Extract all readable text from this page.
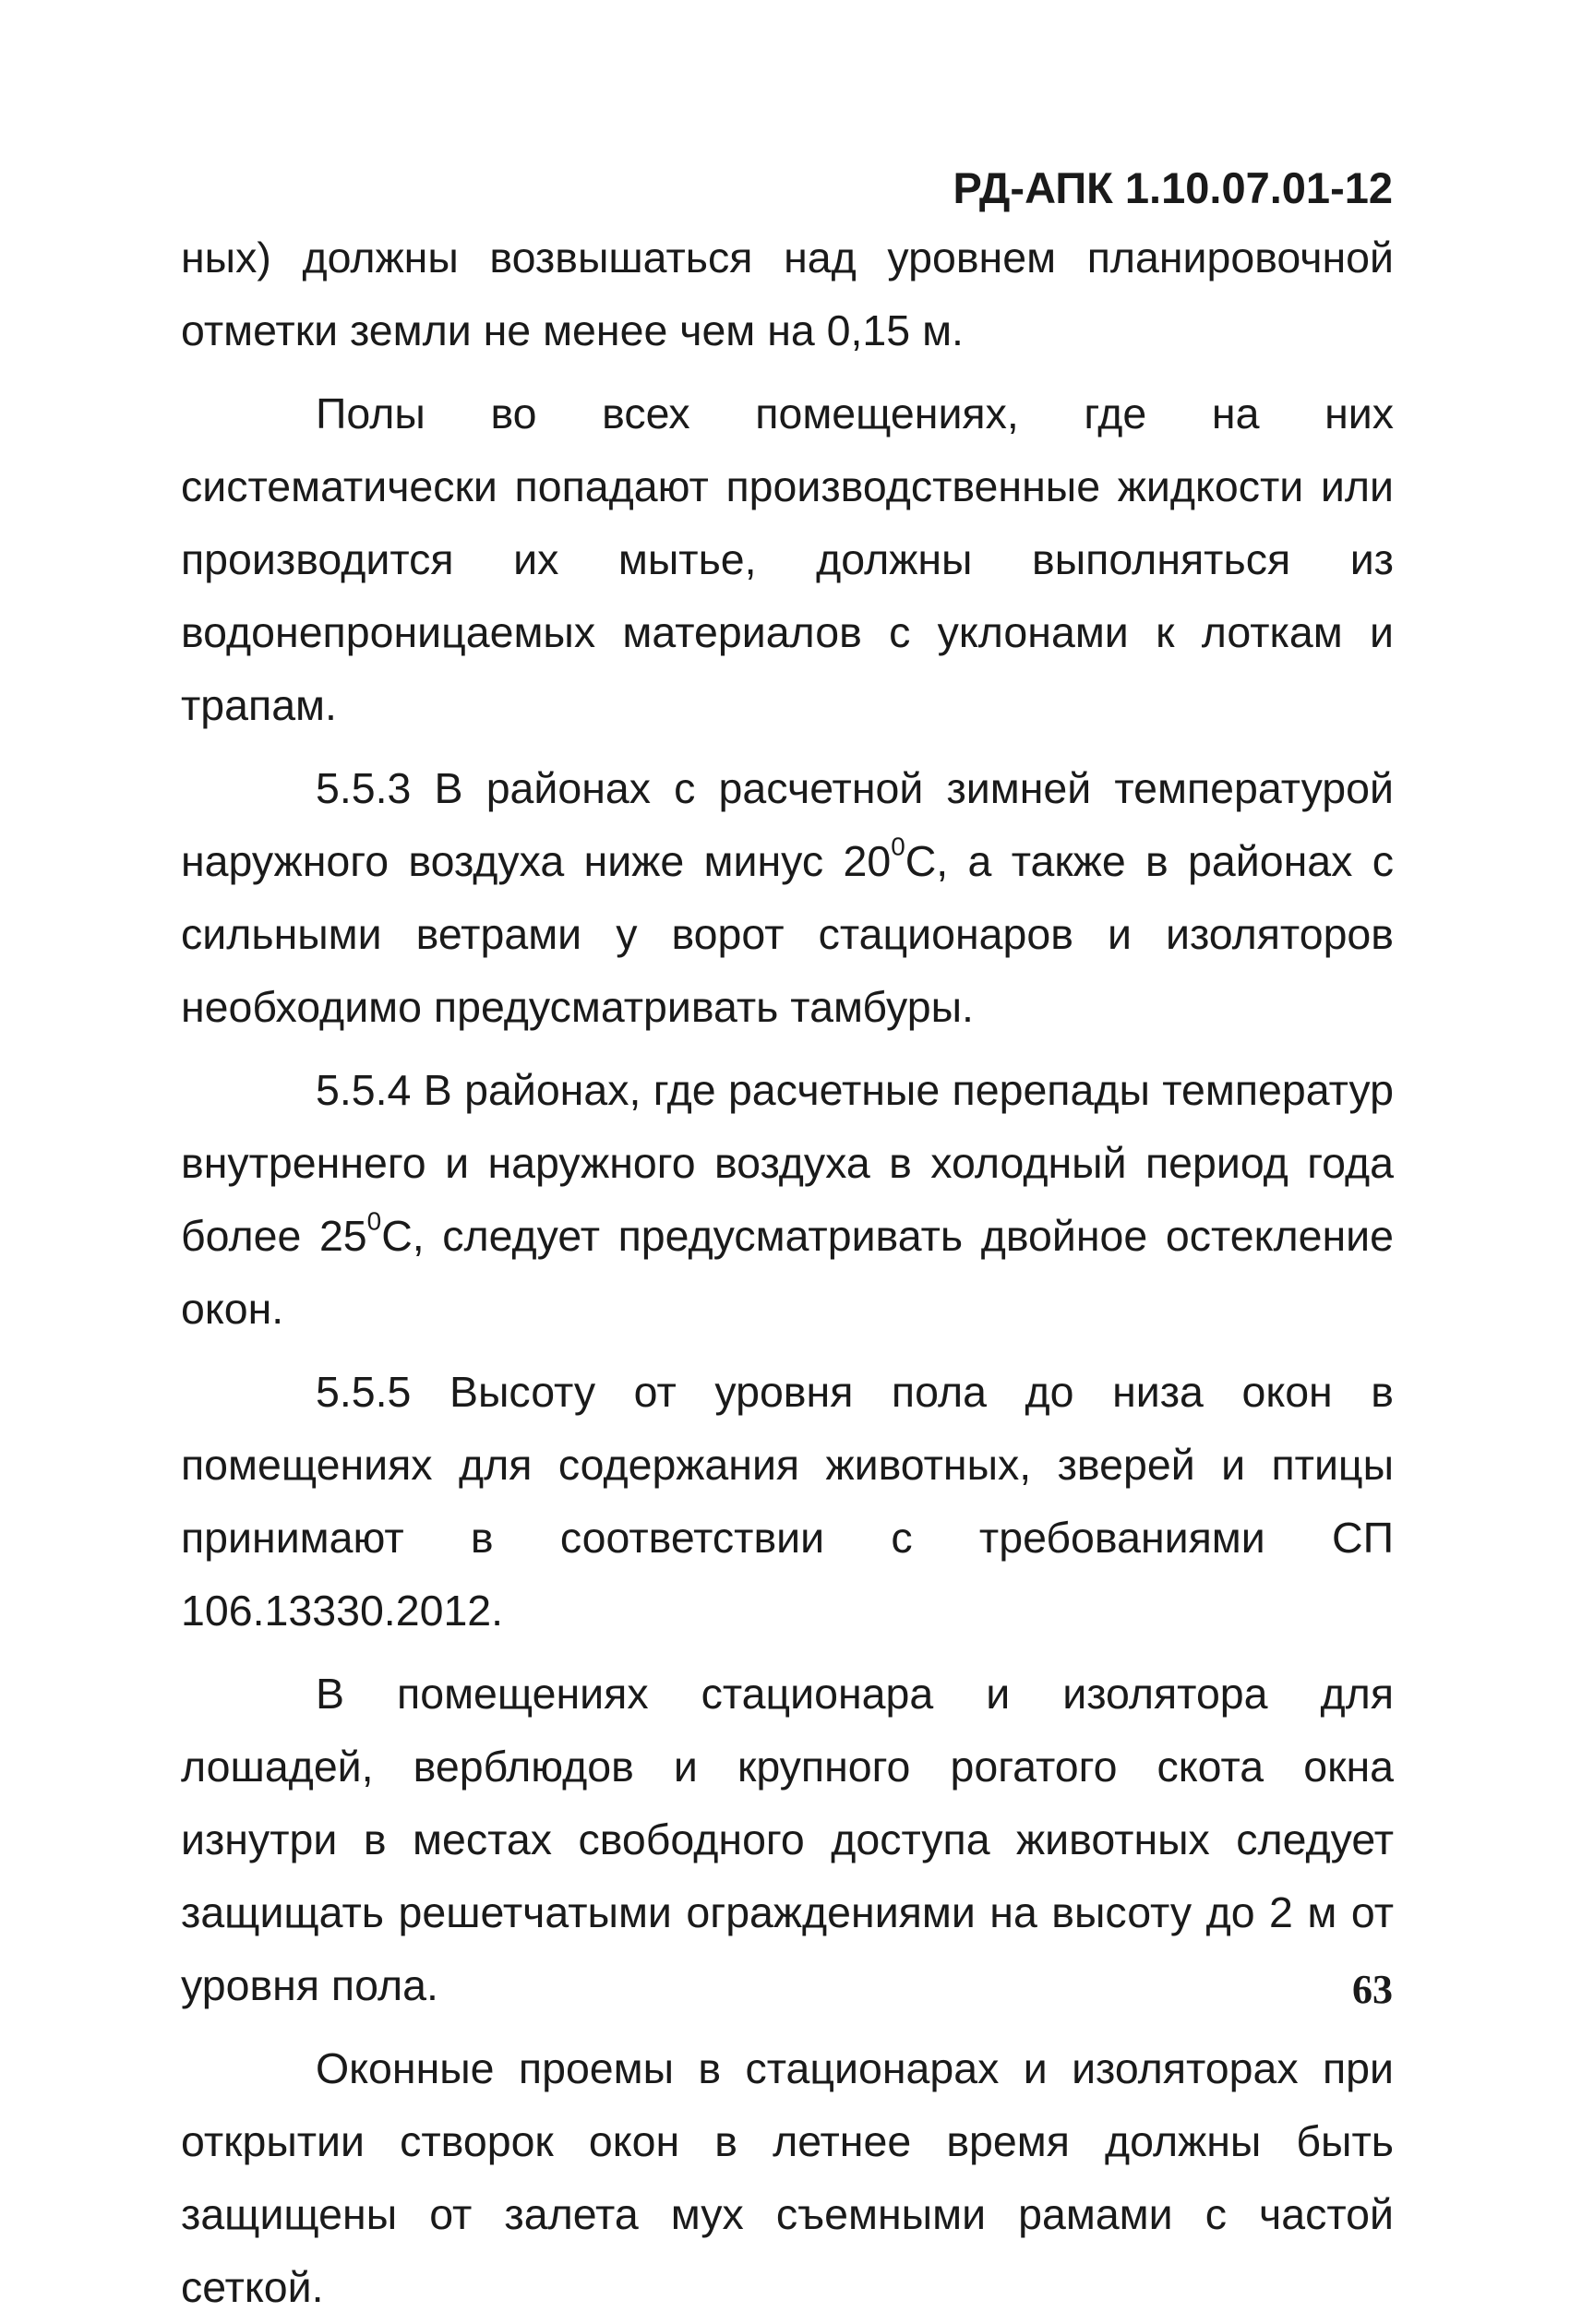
РД-АПК 1.10.07.01-12

ных) должны возвышаться над уровнем планировочной отметки земли не менее чем на 0,15 м.

Полы во всех помещениях, где на них систематически попадают производственные жидкости или производится их мытье, должны выполняться из водонепроницаемых материалов с уклонами к лоткам и трапам.

5.5.3 В районах с расчетной зимней температурой наружного воздуха ниже минус $20^0С$, а также в районах с сильными ветрами у ворот стационаров и изоляторов необходимо предусматривать тамбуры.

5.5.4 В районах, где расчетные перепады температур внутреннего и наружного воздуха в холодный период года более $25^0С$, следует предусматривать двойное остекление окон.

5.5.5 Высоту от уровня пола до низа окон в помещениях для содержания животных, зверей и птицы принимают в соответствии с требованиями СП 106.13330.2012.

В помещениях стационара и изолятора для лошадей, верблюдов и крупного рогатого скота окна изнутри в местах свободного доступа животных следует защищать решетчатыми ограждениями на высоту до 2 м от уровня пола.

Оконные проемы в стационарах и изоляторах при открытии створок окон в летнее время должны быть защищены от залета мух съемными рамами с частой сеткой.

63
